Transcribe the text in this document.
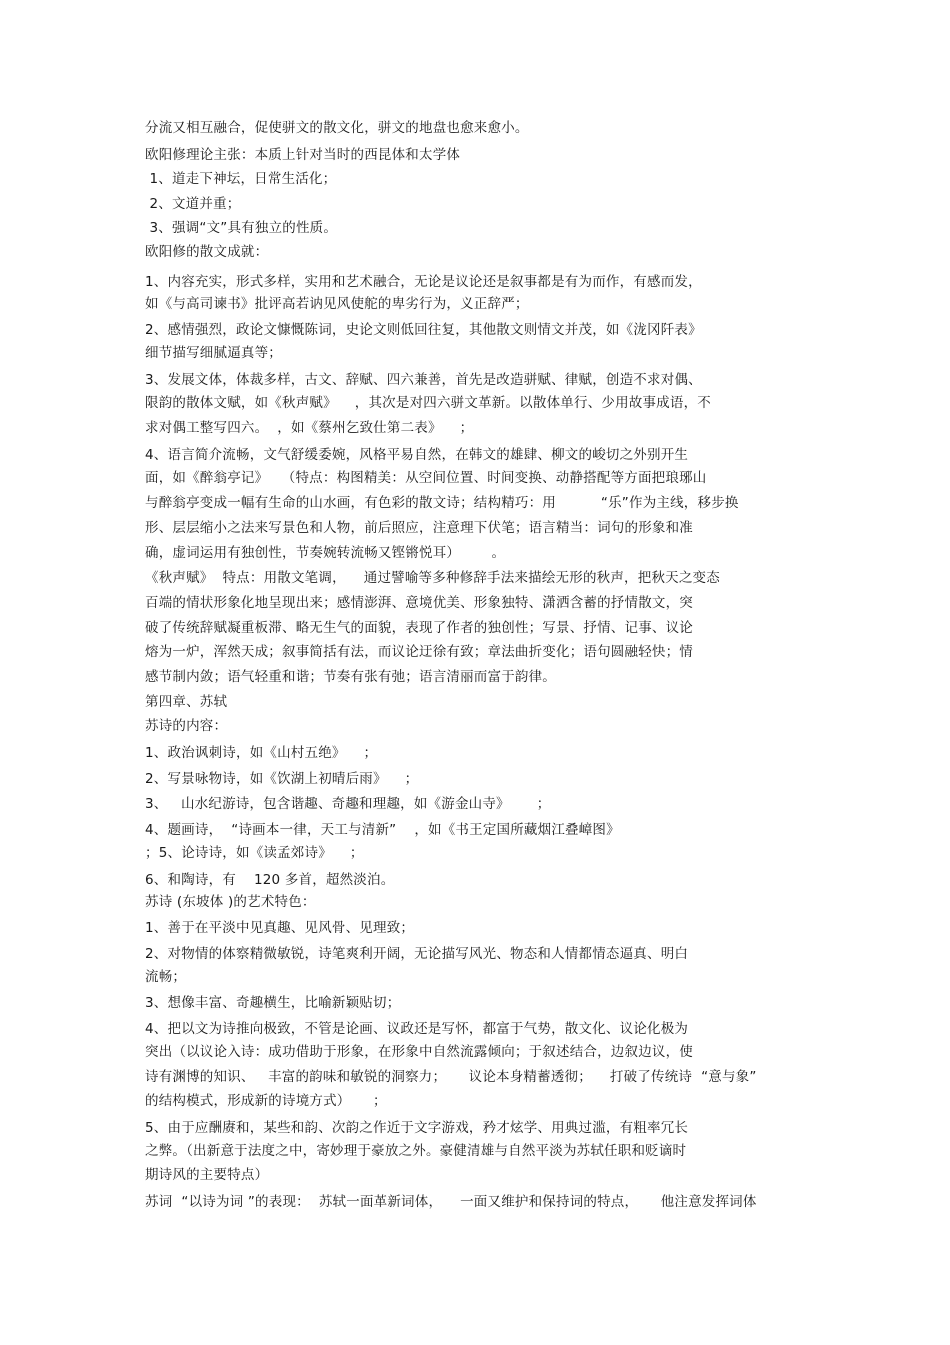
分流又相互融合，促使骈文的散文化，骈文的地盘也愈来愈小。
欧阳修理论主张：本质上针对当时的西昆体和太学体
1、道走下神坛，日常生活化；
2、文道并重；
3、强调“文”具有独立的性质。
欧阳修的散文成就：
1、内容充实，形式多样，实用和艺术融合，无论是议论还是叙事都是有为而作，有感而发，
如《与高司谏书》批评高若讷见风使舵的卑劣行为，义正辞严；
2、感情强烈，政论文慷慨陈词，史论文则低回往复，其他散文则情文并茂，如《泷冈阡表》
细节描写细腻逼真等；
3、发展文体，体裁多样，古文、辞赋、四六兼善，首先是改造骈赋、律赋，创造不求对偶、
限韵的散体文赋，如《秋声赋》    ，其次是对四六骈文革新。以散体单行、少用故事成语，不
求对偶工整写四六。  ，如《蔡州乞致仕第二表》    ；
4、语言简介流畅，文气舒缓委婉，风格平易自然，在韩文的雄肆、柳文的峻切之外别开生
面，如《醉翁亭记》   （特点：构图精美：从空间位置、时间变换、动静搭配等方面把琅琊山
与醉翁亭变成一幅有生命的山水画，有色彩的散文诗；结构精巧：用          “乐”作为主线，移步换
形、层层缩小之法来写景色和人物，前后照应，注意理下伏笔；语言精当：词句的形象和准
确，虚词运用有独创性，节奏婉转流畅又铿锵悦耳）       。
《秋声赋》  特点：用散文笔调，    通过譬喻等多种修辞手法来描绘无形的秋声，把秋天之变态
百端的情状形象化地呈现出来；感情澎湃、意境优美、形象独特、潇洒含蓄的抒情散文，突
破了传统辞赋凝重板滞、略无生气的面貌，表现了作者的独创性；写景、抒情、记事、议论
熔为一炉，浑然天成；叙事简括有法，而议论迂徐有致；章法曲折变化；语句圆融轻快；情
感节制内敛；语气轻重和谐；节奏有张有弛；语言清丽而富于韵律。
第四章、苏轼
苏诗的内容：
1、政治讽刺诗，如《山村五绝》    ；
2、写景咏物诗，如《饮湖上初晴后雨》    ；
3、   山水纪游诗，包含谐趣、奇趣和理趣，如《游金山寺》      ；
4、题画诗，  “诗画本一律，天工与清新”    ，如《书王定国所藏烟江叠嶂图》
；5、论诗诗，如《读孟郊诗》    ；
6、和陶诗，有    120 多首，超然淡泊。
苏诗 (东坡体 )的艺术特色：
1、善于在平淡中见真趣、见风骨、见理致；
2、对物情的体察精微敏锐，诗笔爽利开阔，无论描写风光、物态和人情都情态逼真、明白
流畅；
3、想像丰富、奇趣横生，比喻新颖贴切；
4、把以文为诗推向极致，不管是论画、议政还是写怀，都富于气势，散文化、议论化极为
突出（以议论入诗：成功借助于形象，在形象中自然流露倾向；于叙述结合，边叙边议，使
诗有渊博的知识、   丰富的韵味和敏锐的洞察力；     议论本身精蓄透彻；    打破了传统诗  “意与象”
的结构模式，形成新的诗境方式）     ；
5、由于应酬赓和，某些和韵、次韵之作近于文字游戏，矜才炫学、用典过滥，有粗率冗长
之弊。（出新意于法度之中，寄妙理于豪放之外。豪健清雄与自然平淡为苏轼任职和贬谪时
期诗风的主要特点）
苏词  “以诗为词 ”的表现：  苏轼一面革新词体，    一面又维护和保持词的特点，     他注意发挥词体
